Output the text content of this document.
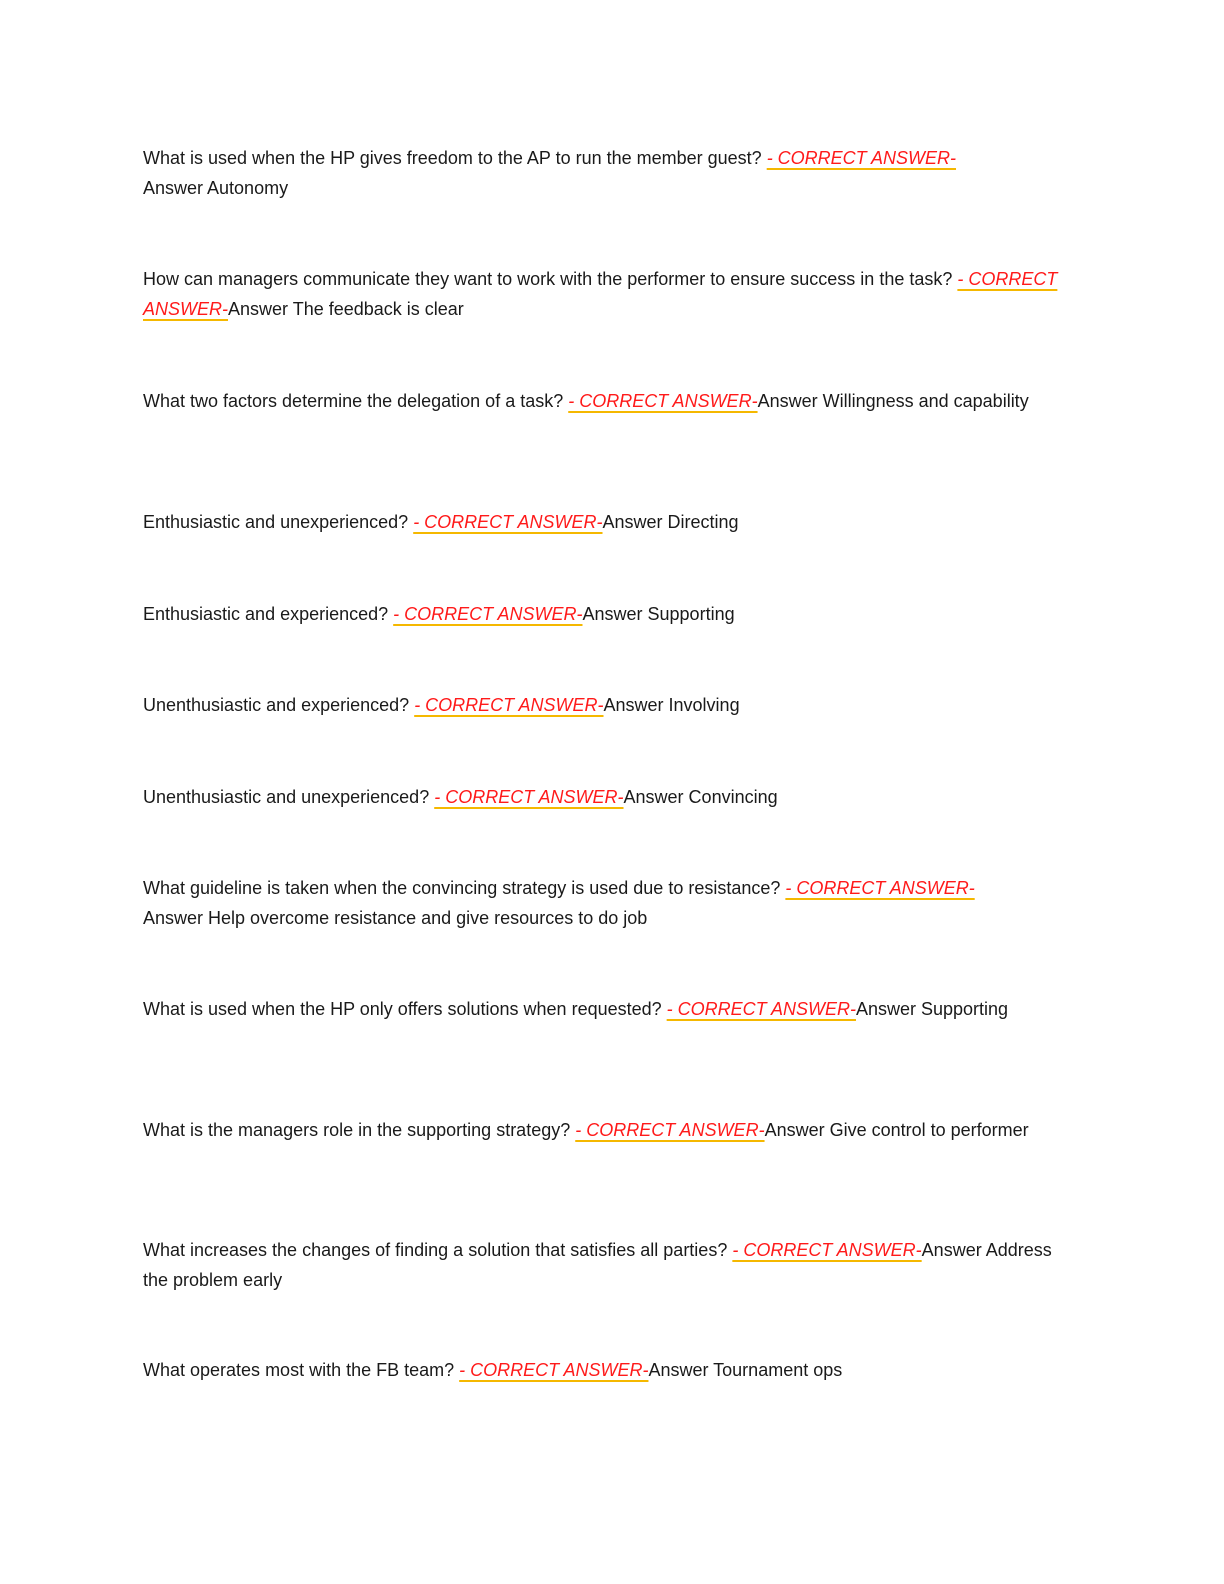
What is used when the HP gives freedom to the AP to run the member guest? - CORRECT ANSWER-
Answer Autonomy

How can managers communicate they want to work with the performer to ensure success in the task? - CORRECT ANSWER-Answer The feedback is clear

What two factors determine the delegation of a task? - CORRECT ANSWER-Answer Willingness and capability

Enthusiastic and unexperienced? - CORRECT ANSWER-Answer Directing

Enthusiastic and experienced? - CORRECT ANSWER-Answer Supporting

Unenthusiastic and experienced? - CORRECT ANSWER-Answer Involving

Unenthusiastic and unexperienced? - CORRECT ANSWER-Answer Convincing

What guideline is taken when the convincing strategy is used due to resistance? - CORRECT ANSWER-
Answer Help overcome resistance and give resources to do job

What is used when the HP only offers solutions when requested? - CORRECT ANSWER-Answer Supporting

What is the managers role in the supporting strategy? - CORRECT ANSWER-Answer Give control to performer

What increases the changes of finding a solution that satisfies all parties? - CORRECT ANSWER-Answer Address the problem early

What operates most with the FB team? - CORRECT ANSWER-Answer Tournament ops
